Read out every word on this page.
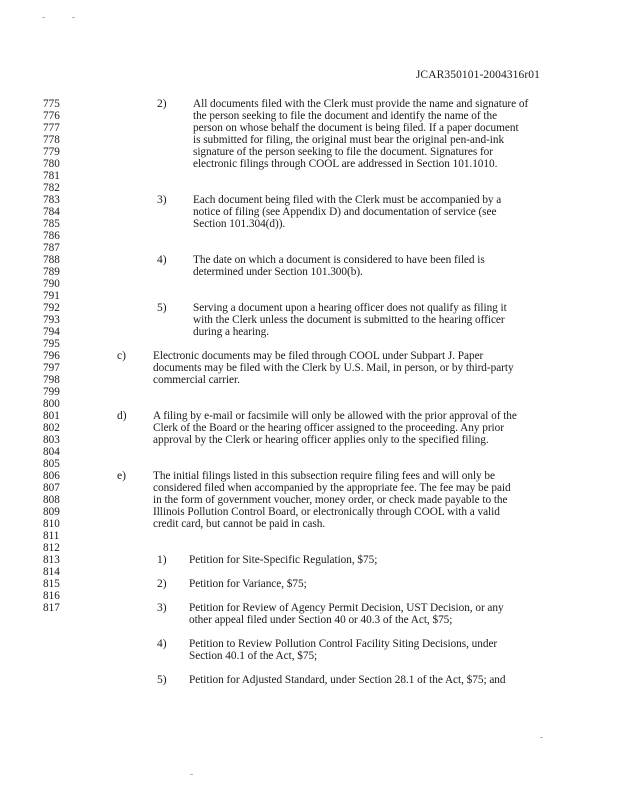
JCAR350101-2004316r01
775
776
777
778
779
780
781
782
783
784
785
786
787
788
789
790
791
792
793
794
795
796
797
798
799
800
801
802
803
804
805
806
807
808
809
810
811
812
813
814
815
816
817
2)
3)
4)
5)
c)
d)
e)
1)
2)
3)
4)
5)
All documents filed with the Clerk must provide the name and signature of
the person seeking to file the document and identify the name of the
person on whose behalf the document is being filed. If a paper document
is submitted for filing, the original must bear the original pen-and-ink
signature of the person seeking to file the document. Signatures for
electronic filings through COOL are addressed in Section 101.1010.
Each document being filed with the Clerk must be accompanied by a
notice of filing (see Appendix D) and documentation of service (see
Section 101.304(d)).
The date on which a document is considered to have been filed is
determined under Section 101.300(b).
Serving a document upon a hearing officer does not qualify as filing it
with the Clerk unless the document is submitted to the hearing officer
during a hearing.
Electronic documents may be filed through COOL under Subpart J. Paper
documents may be filed with the Clerk by U.S. Mail, in person, or by third-party
commercial carrier.
A filing by e-mail or facsimile will only be allowed with the prior approval of the
Clerk of the Board or the hearing officer assigned to the proceeding. Any prior
approval by the Clerk or hearing officer applies only to the specified filing.
The initial filings listed in this subsection require filing fees and will only be
considered filed when accompanied by the appropriate fee. The fee may be paid
in the form of government voucher, money order, or check made payable to the
Illinois Pollution Control Board, or electronically through COOL with a valid
credit card, but cannot be paid in cash.
Petition for Site-Specific Regulation, $75;
Petition for Variance, $75;
Petition for Review of Agency Permit Decision, UST Decision, or any
other appeal filed under Section 40 or 40.3 of the Act, $75;
Petition to Review Pollution Control Facility Siting Decisions, under
Section 40.1 of the Act, $75;
Petition for Adjusted Standard, under Section 28.1 of the Act, $75; and
